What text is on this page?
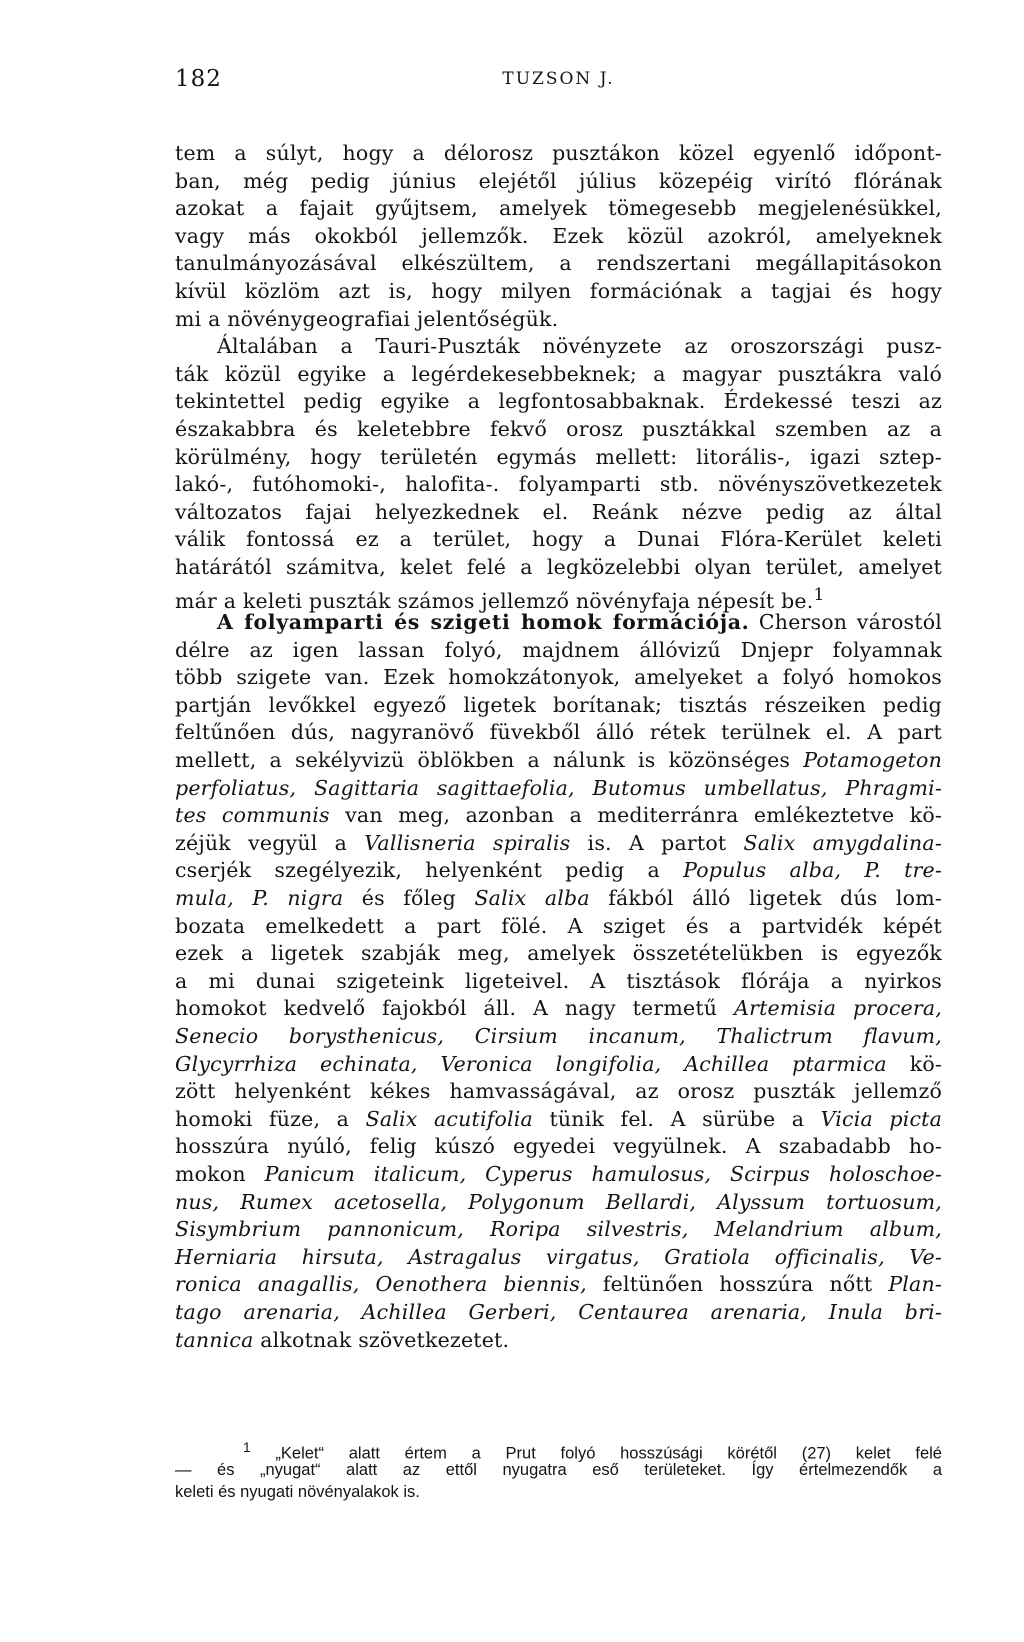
182	TUZSON J.
tem a súlyt, hogy a délorosz pusztákon közel egyenlő időpont-
ban, még pedig június elejétől július közepéig virító flórának
azokat a fajait gyűjtsem, amelyek tömegesebb megjelenésükkel,
vagy más okokból jellemzők. Ezek közül azokról, amelyeknek
tanulmányozásával elkészültem, a rendszertani megállapitásokon
kívül közlöm azt is, hogy milyen formációnak a tagjai és hogy
mi a növénygeografiai jelentőségük.
Általában a Tauri-Puszták növényzete az oroszországi pusz-
ták közül egyike a legérdekesebbeknek; a magyar pusztákra való
tekintettel pedig egyike a legfontosabbaknak. Érdekessé teszi az
északabbra és keletebbre fekvő orosz pusztákkal szemben az a
körülmény, hogy területén egymás mellett: litorális-, igazi sztep-
lakó-, futóhomoki-, halofita-. folyamparti stb. növényszövetkezetek
változatos fajai helyezkednek el. Reánk nézve pedig az által
válik fontossá ez a terület, hogy a Dunai Flóra-Kerület keleti
határától számitva, kelet felé a legközelebbi olyan terület, amelyet
már a keleti puszták számos jellemző növényfaja népesít be.$^1$
A folyamparti és szigeti homok formációja. Cherson várostól
délre az igen lassan folyó, majdnem állóvizű Dnjepr folyamnak
több szigete van. Ezek homokzátonyok, amelyeket a folyó homokos
partján levőkkel egyező ligetek borítanak; tisztás részeiken pedig
feltűnően dús, nagyranövő füvekből álló rétek terülnek el. A part
mellett, a sekélyvizü öblökben a nálunk is közönséges Potamogeton
perfoliatus, Sagittaria sagittaefolia, Butomus umbellatus, Phragmi-
tes communis van meg, azonban a mediterránra emlékeztetve kö-
zéjük vegyül a Vallisneria spiralis is. A partot Salix amygdalina-
cserjék szegélyezik, helyenként pedig a Populus alba, P. tre-
mula, P. nigra és főleg Salix alba fákból álló ligetek dús lom-
bozata emelkedett a part fölé. A sziget és a partvidék képét
ezek a ligetek szabják meg, amelyek összetételükben is egyezők
a mi dunai szigeteink ligeteivel. A tisztások flórája a nyirkos
homokot kedvelő fajokból áll. A nagy termetű Artemisia procera,
Senecio borysthenicus, Cirsium incanum, Thalictrum flavum,
Glycyrrhiza echinata, Veronica longifolia, Achillea ptarmica kö-
zött helyenként kékes hamvasságával, az orosz puszták jellemző
homoki füze, a Salix acutifolia tünik fel. A sürübe a Vicia picta
hosszúra nyúló, felig kúszó egyedei vegyülnek. A szabadabb ho-
mokon Panicum italicum, Cyperus hamulosus, Scirpus holoschoe-
nus, Rumex acetosella, Polygonum Bellardi, Alyssum tortuosum,
Sisymbrium pannonicum, Roripa silvestris, Melandrium album,
Herniaria hirsuta, Astragalus virgatus, Gratiola officinalis, Ve-
ronica anagallis, Oenothera biennis, feltünően hosszúra nőtt Plan-
tago arenaria, Achillea Gerberi, Centaurea arenaria, Inula bri-
tannica alkotnak szövetkezetet.
$^1$ „Kelet“ alatt értem a Prut folyó hosszúsági körétől (27) kelet felé
— és „nyugat“ alatt az ettől nyugatra eső területeket. Így értelmezendők a
keleti és nyugati növényalakok is.
